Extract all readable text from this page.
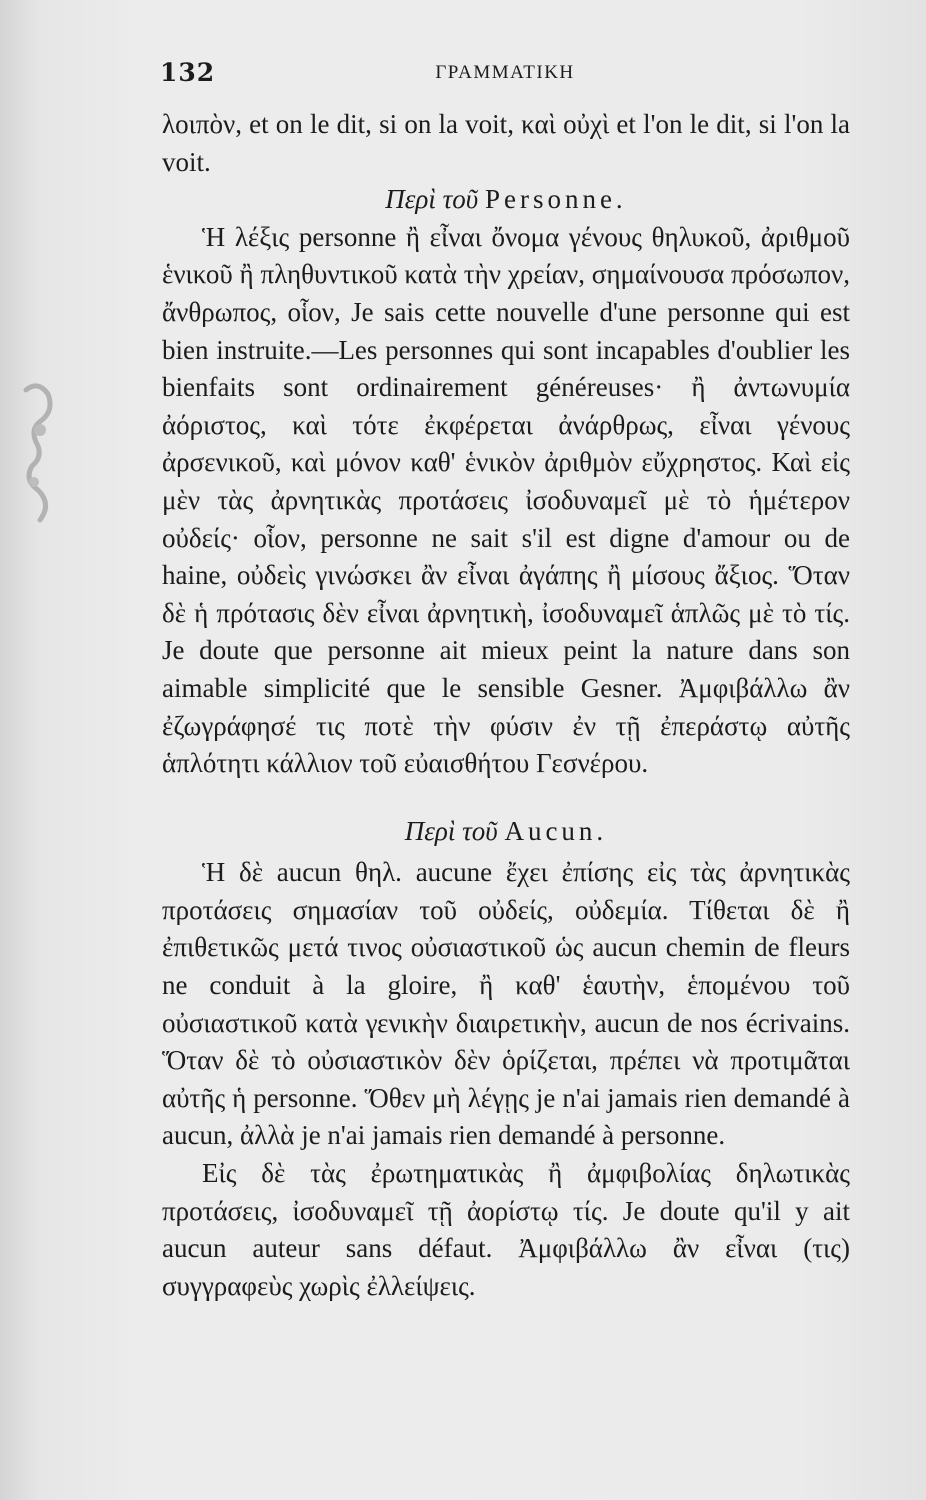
132	ΓΡΑΜΜΑΤΙΚΗ

λοιπὸν, et on le dit, si on la voit, καὶ οὐχὶ et l'on le dit, si l'on la voit.

Περὶ τοῦ Personne.

Ἡ λέξις personne ἢ εἶναι ὄνομα γένους θηλυκοῦ, ἀριθμοῦ ἑνικοῦ ἢ πληθυντικοῦ κατὰ τὴν χρείαν, σημαίνουσα πρόσωπον, ἄνθρωπος, οἷον, Je sais cette nouvelle d'une personne qui est bien instruite.—Les personnes qui sont incapables d'oublier les bienfaits sont ordinairement généreuses· ἢ ἀντωνυμία ἀόριστος, καὶ τότε ἐκφέρεται ἀνάρθρως, εἶναι γένους ἀρσενικοῦ, καὶ μόνον καθ' ἑνικὸν ἀριθμὸν εὔχρηστος. Καὶ εἰς μὲν τὰς ἀρνητικὰς προτάσεις ἰσοδυναμεῖ μὲ τὸ ἡμέτερον οὐδείς· οἷον, personne ne sait s'il est digne d'amour ou de haine, οὐδεὶς γινώσκει ἂν εἶναι ἀγάπης ἢ μίσους ἄξιος. Ὅταν δὲ ἡ πρότασις δὲν εἶναι ἀρνητικὴ, ἰσοδυναμεῖ ἁπλῶς μὲ τὸ τίς. Je doute que personne ait mieux peint la nature dans son aimable simplicité que le sensible Gesner. Ἀμφιβάλλω ἂν ἐζωγράφησέ τις ποτὲ τὴν φύσιν ἐν τῇ ἐπεράστῳ αὐτῆς ἁπλότητι κάλλιον τοῦ εὐαισθήτου Γεσνέρου.

Περὶ τοῦ Aucun.

Ἡ δὲ aucun θηλ. aucune ἔχει ἐπίσης εἰς τὰς ἀρνητικὰς προτάσεις σημασίαν τοῦ οὐδείς, οὐδεμία. Τίθεται δὲ ἢ ἐπιθετικῶς μετά τινος οὐσιαστικοῦ ὡς aucun chemin de fleurs ne conduit à la gloire, ἢ καθ' ἑαυτὴν, ἑπομένου τοῦ οὐσιαστικοῦ κατὰ γενικὴν διαιρετικὴν, aucun de nos écrivains. Ὅταν δὲ τὸ οὐσιαστικὸν δὲν ὁρίζεται, πρέπει νὰ προτιμᾶται αὐτῆς ἡ personne. Ὅθεν μὴ λέγῃς je n'ai jamais rien demandé à aucun, ἀλλὰ je n'ai jamais rien demandé à personne.

Εἰς δὲ τὰς ἐρωτηματικὰς ἢ ἀμφιβολίας δηλωτικὰς προτάσεις, ἰσοδυναμεῖ τῇ ἀορίστῳ τίς. Je doute qu'il y ait aucun auteur sans défaut. Ἀμφιβάλλω ἂν εἶναι (τις) συγγραφεὺς χωρὶς ἐλλείψεις.
